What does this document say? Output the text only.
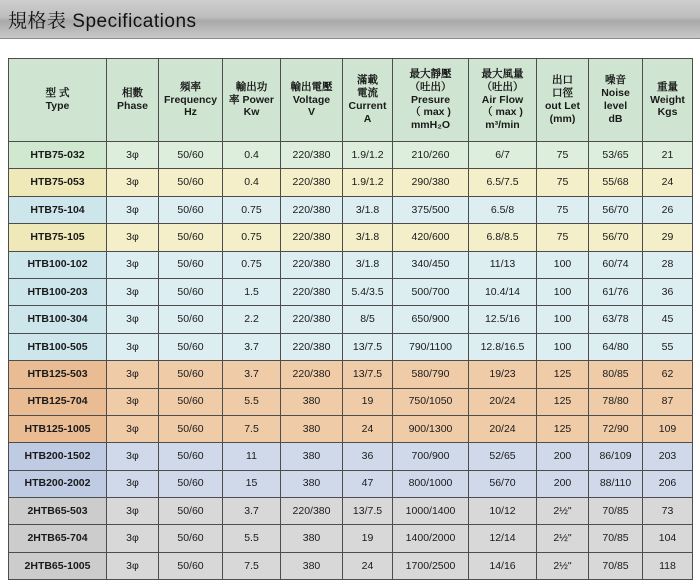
規格表 Specifications
型 式
Type	相數
Phase	頻率
Frequency
Hz	輸出功
率 Power
Kw	輸出電壓
Voltage
V	滿載
電流
Current
A	最大靜壓
（吐出）
Presure
（ max )
mmH₂O	最大風量
（吐出）
Air Flow
（ max )
m³/min	出口
口徑
out Let
(mm)	噪音
Noise
level
dB	重量
Weight
Kgs

HTB75-032	3φ	50/60	0.4	220/380	1.9/1.2	210/260	6/7	75	53/65	21
HTB75-053	3φ	50/60	0.4	220/380	1.9/1.2	290/380	6.5/7.5	75	55/68	24
HTB75-104	3φ	50/60	0.75	220/380	3/1.8	375/500	6.5/8	75	56/70	26
HTB75-105	3φ	50/60	0.75	220/380	3/1.8	420/600	6.8/8.5	75	56/70	29
HTB100-102	3φ	50/60	0.75	220/380	3/1.8	340/450	11/13	100	60/74	28
HTB100-203	3φ	50/60	1.5	220/380	5.4/3.5	500/700	10.4/14	100	61/76	36
HTB100-304	3φ	50/60	2.2	220/380	8/5	650/900	12.5/16	100	63/78	45
HTB100-505	3φ	50/60	3.7	220/380	13/7.5	790/1100	12.8/16.5	100	64/80	55
HTB125-503	3φ	50/60	3.7	220/380	13/7.5	580/790	19/23	125	80/85	62
HTB125-704	3φ	50/60	5.5	380	19	750/1050	20/24	125	78/80	87
HTB125-1005	3φ	50/60	7.5	380	24	900/1300	20/24	125	72/90	109
HTB200-1502	3φ	50/60	11	380	36	700/900	52/65	200	86/109	203
HTB200-2002	3φ	50/60	15	380	47	800/1000	56/70	200	88/110	206
2HTB65-503	3φ	50/60	3.7	220/380	13/7.5	1000/1400	10/12	2½"	70/85	73
2HTB65-704	3φ	50/60	5.5	380	19	1400/2000	12/14	2½"	70/85	104
2HTB65-1005	3φ	50/60	7.5	380	24	1700/2500	14/16	2½"	70/85	118
